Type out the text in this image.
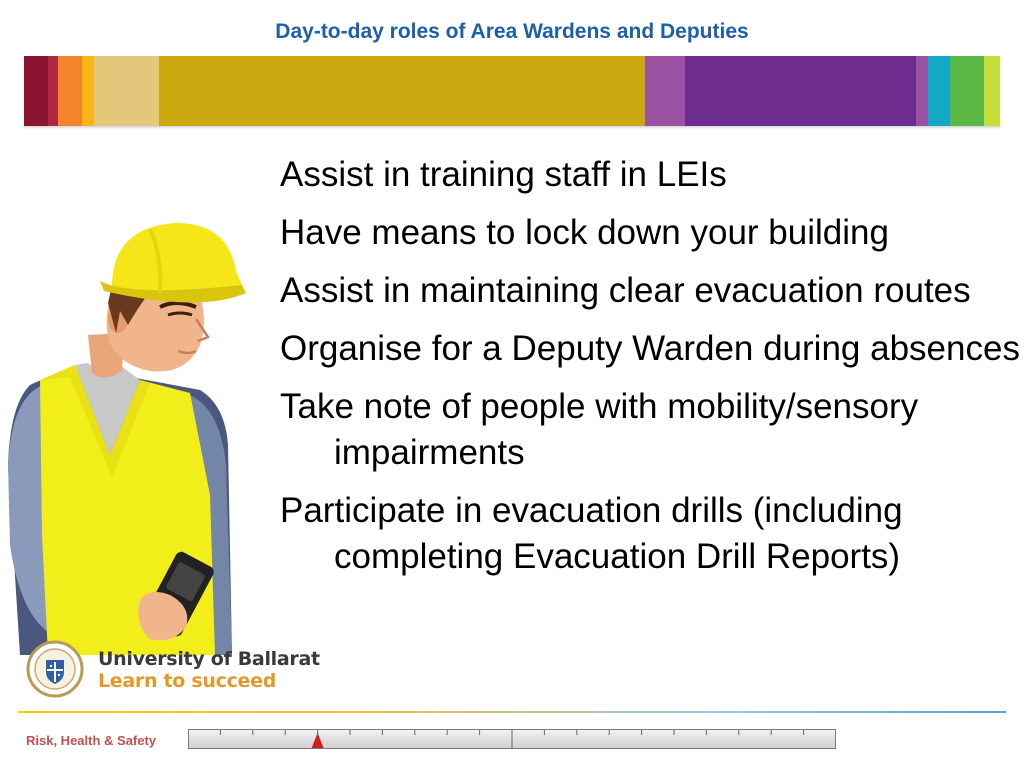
Day-to-day roles of Area Wardens and Deputies
Assist in training staff in LEIs
Have means to lock down your building
Assist in maintaining clear evacuation routes
Organise for a Deputy Warden during absences
Take note of people with mobility/sensory impairments
Participate in evacuation drills (including completing Evacuation Drill Reports)
University of Ballarat
Learn to succeed
Risk, Health & Safety
